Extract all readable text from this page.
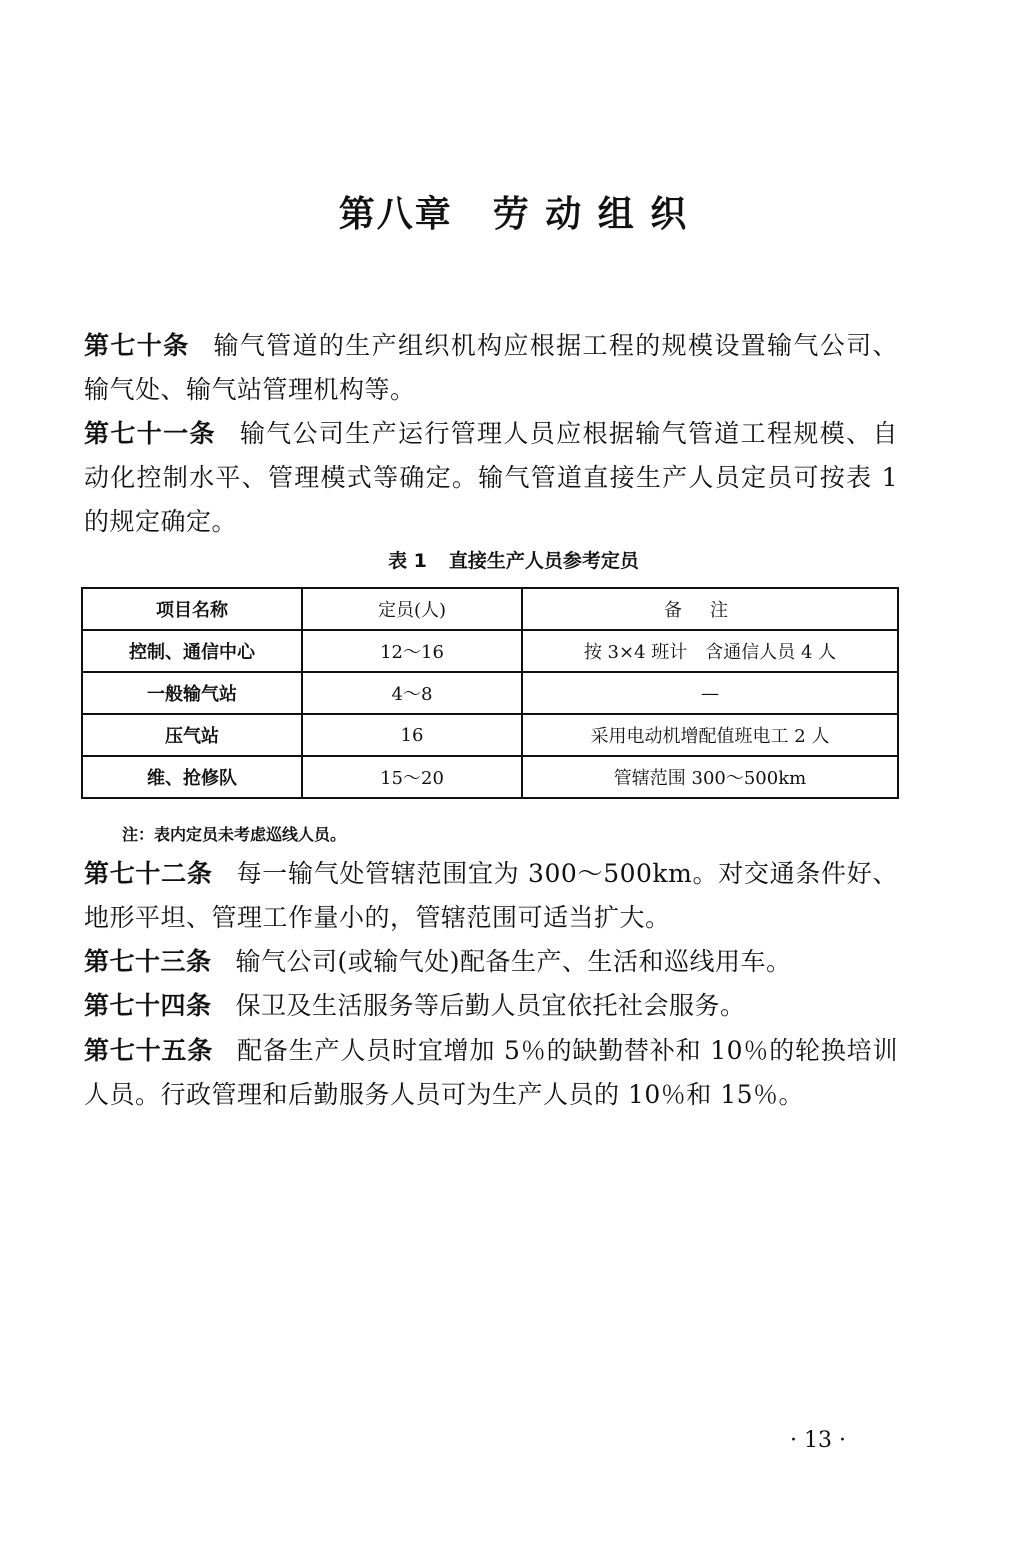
第八章 劳 动 组 织
第七十条 输气管道的生产组织机构应根据工程的规模设置输气公司、输气处、输气站管理机构等。
第七十一条 输气公司生产运行管理人员应根据输气管道工程规模、自动化控制水平、管理模式等确定。输气管道直接生产人员定员可按表 1 的规定确定。
表 1 直接生产人员参考定员
项目名称	定员(人)	备注
控制、通信中心	12～16	按 3×4 班计　含通信人员 4 人
一般输气站	4～8	—
压气站	16	采用电动机增配值班电工 2 人
维、抢修队	15～20	管辖范围 300～500km
注：表内定员未考虑巡线人员。
第七十二条 每一输气处管辖范围宜为 300～500km。对交通条件好、地形平坦、管理工作量小的，管辖范围可适当扩大。
第七十三条 输气公司(或输气处)配备生产、生活和巡线用车。
第七十四条 保卫及生活服务等后勤人员宜依托社会服务。
第七十五条 配备生产人员时宜增加 5％的缺勤替补和 10％的轮换培训人员。行政管理和后勤服务人员可为生产人员的 10％和 15％。
· 13 ·
